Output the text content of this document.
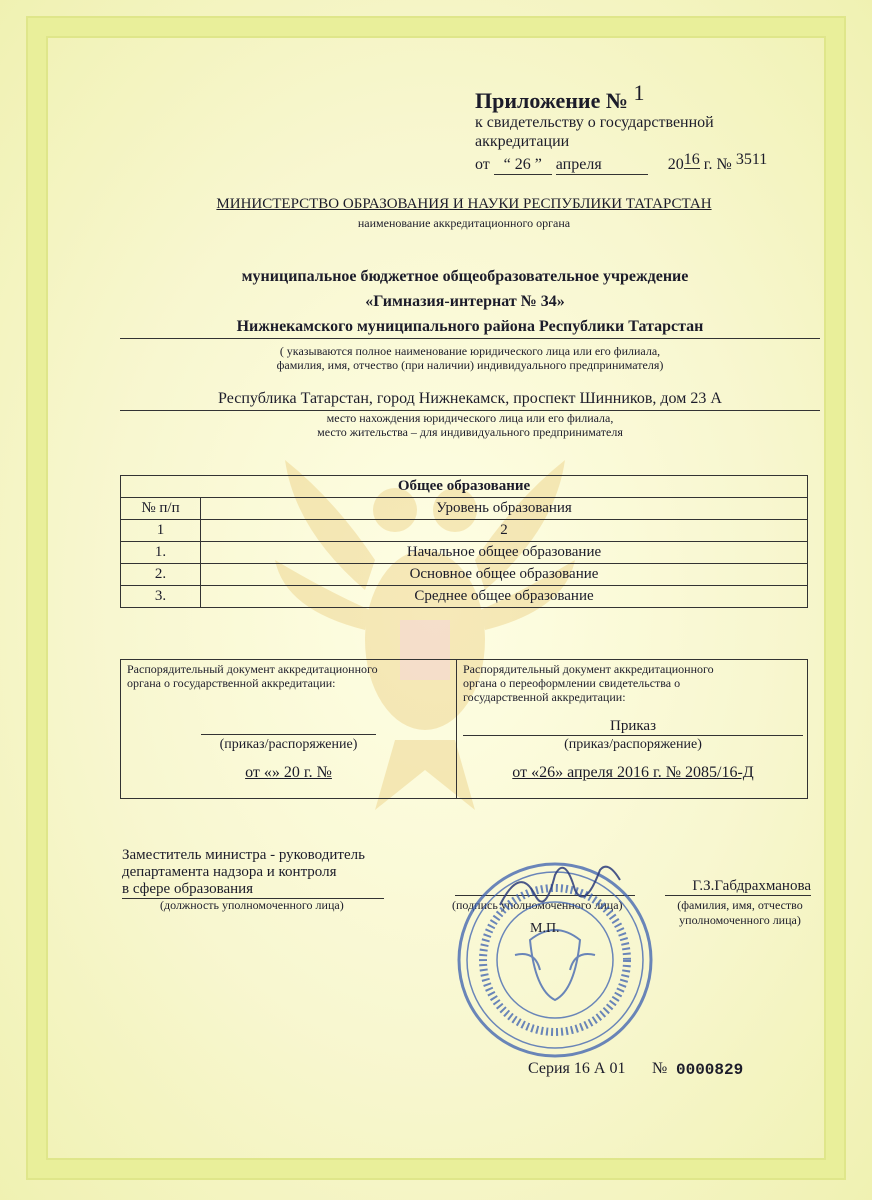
Приложение № 1
к свидетельству о государственной
аккредитации
от “ 26 ” апреля	2016 г. № 3511
МИНИСТЕРСТВО ОБРАЗОВАНИЯ И НАУКИ РЕСПУБЛИКИ ТАТАРСТАН
наименование аккредитационного органа
муниципальное бюджетное общеобразовательное учреждение
«Гимназия-интернат № 34»
Нижнекамского муниципального района Республики Татарстан
( указываются полное наименование юридического лица или его филиала,
фамилия, имя, отчество (при наличии) индивидуального предпринимателя)
Республика Татарстан, город Нижнекамск, проспект Шинников, дом 23 А
место нахождения юридического лица или его филиала,
место жительства – для индивидуального предпринимателя
Общее образование	
№ п/п	Уровень образования
1	2
1.	Начальное общее образование
2.	Основное общее образование
3.	Среднее общее образование
Распорядительный документ аккредитационного
органа о государственной аккредитации:
(приказ/распоряжение)
от «» 20 г. №
Распорядительный документ аккредитационного
органа о переоформлении свидетельства о
государственной аккредитации:
Приказ
(приказ/распоряжение)
от «26» апреля 2016 г. № 2085/16-Д
Заместитель министра - руководитель
департамента надзора и контроля
в сфере образования
(должность уполномоченного лица)	(подпись уполномоченного лица)
Г.З.Габдрахманова
(фамилия, имя, отчество
уполномоченного лица)
М.П.
Серия 16 А 01 № 0000829
